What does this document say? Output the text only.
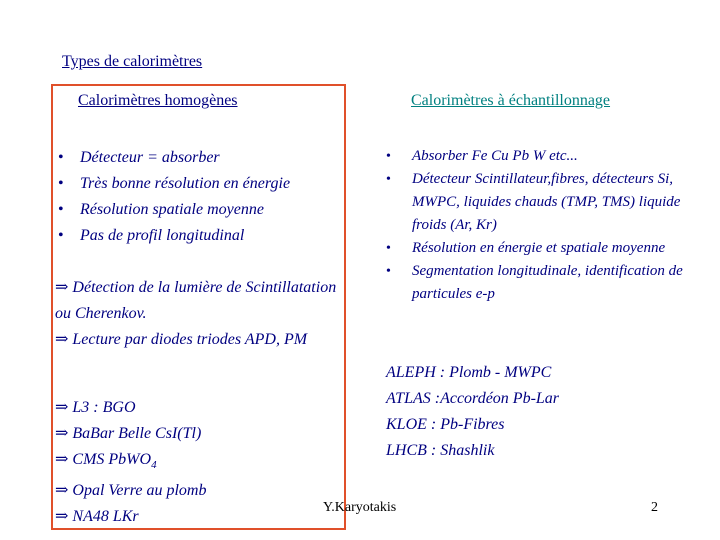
Types de calorimètres
Calorimètres homogènes	Calorimètres à échantillonnage
•	Détecteur = absorber
•	Très bonne résolution en énergie
•	Résolution spatiale moyenne
•	Pas de profil longitudinal
⇒ Détection de la lumière de Scintillatation ou Cherenkov.
⇒ Lecture par diodes triodes APD, PM
⇒ L3 : BGO
⇒ BaBar Belle CsI(Tl)
⇒ CMS PbWO$_4$
⇒ Opal Verre au plomb
⇒ NA48 LKr
•	Absorber Fe Cu Pb W etc...
•	Détecteur Scintillateur,fibres, détecteurs Si, MWPC, liquides chauds (TMP, TMS) liquide froids (Ar, Kr)
•	Résolution en énergie et spatiale moyenne
•	Segmentation longitudinale, identification de particules e-p
ALEPH : Plomb - MWPC
ATLAS :Accordéon Pb-Lar
KLOE : Pb-Fibres
LHCB : Shashlik
Y.Karyotakis	2
